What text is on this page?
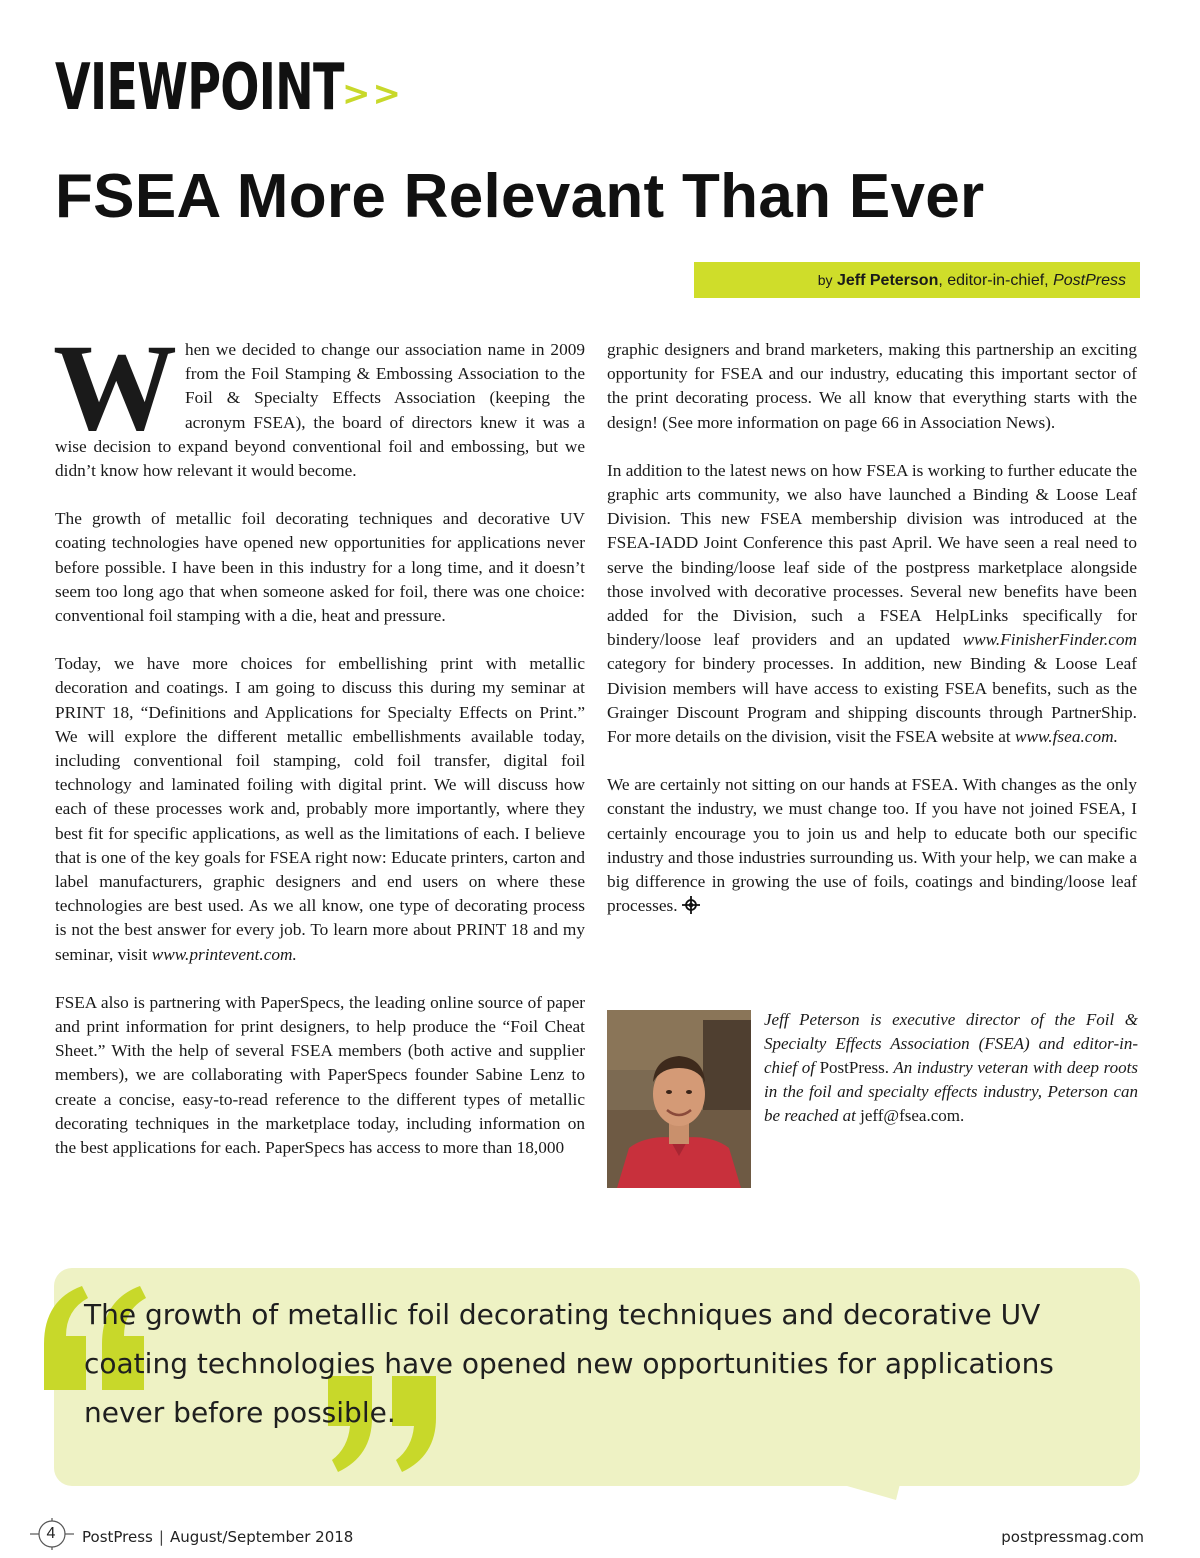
VIEWPOINT
>>
FSEA More Relevant Than Ever
by Jeff Peterson, editor-in-chief, PostPress

When we decided to change our association name in 2009 from the Foil Stamping & Embossing Association to the Foil & Specialty Effects Association (keeping the acronym FSEA), the board of directors knew it was a wise decision to expand beyond conventional foil and embossing, but we didn’t know how relevant it would become.

The growth of metallic foil decorating techniques and decorative UV coating technologies have opened new opportunities for applications never before possible. I have been in this industry for a long time, and it doesn’t seem too long ago that when someone asked for foil, there was one choice: conventional foil stamping with a die, heat and pressure.

Today, we have more choices for embellishing print with metallic decoration and coatings. I am going to discuss this during my seminar at PRINT 18, “Definitions and Applications for Specialty Effects on Print.” We will explore the different metallic embellishments available today, including conventional foil stamping, cold foil transfer, digital foil technology and laminated foiling with digital print. We will discuss how each of these processes work and, probably more importantly, where they best fit for specific applications, as well as the limitations of each. I believe that is one of the key goals for FSEA right now: Educate printers, carton and label manufacturers, graphic designers and end users on where these technologies are best used. As we all know, one type of decorating process is not the best answer for every job. To learn more about PRINT 18 and my seminar, visit www.printevent.com.

FSEA also is partnering with PaperSpecs, the leading online source of paper and print information for print designers, to help produce the “Foil Cheat Sheet.” With the help of several FSEA members (both active and supplier members), we are collaborating with PaperSpecs founder Sabine Lenz to create a concise, easy-to-read reference to the different types of metallic decorating techniques in the marketplace today, including information on the best applications for each. PaperSpecs has access to more than 18,000

graphic designers and brand marketers, making this partnership an exciting opportunity for FSEA and our industry, educating this important sector of the print decorating process. We all know that everything starts with the design! (See more information on page 66 in Association News).

In addition to the latest news on how FSEA is working to further educate the graphic arts community, we also have launched a Binding & Loose Leaf Division. This new FSEA membership division was introduced at the FSEA-IADD Joint Conference this past April. We have seen a real need to serve the binding/loose leaf side of the postpress marketplace alongside those involved with decorative processes. Several new benefits have been added for the Division, such a FSEA HelpLinks specifically for bindery/loose leaf providers and an updated www.FinisherFinder.com category for bindery processes. In addition, new Binding & Loose Leaf Division members will have access to existing FSEA benefits, such as the Grainger Discount Program and shipping discounts through PartnerShip. For more details on the division, visit the FSEA website at www.fsea.com.

We are certainly not sitting on our hands at FSEA. With changes as the only constant the industry, we must change too. If you have not joined FSEA, I certainly encourage you to join us and help to educate both our specific industry and those industries surrounding us. With your help, we can make a big difference in growing the use of foils, coatings and binding/loose leaf processes.

Jeff Peterson is executive director of the Foil & Specialty Effects Association (FSEA) and editor-in-chief of PostPress. An industry veteran with deep roots in the foil and specialty effects industry, Peterson can be reached at jeff@fsea.com.

The growth of metallic foil decorating techniques and decorative UV coating technologies have opened new opportunities for applications never before possible.

4	PostPress | August/September 2018	postpressmag.com
